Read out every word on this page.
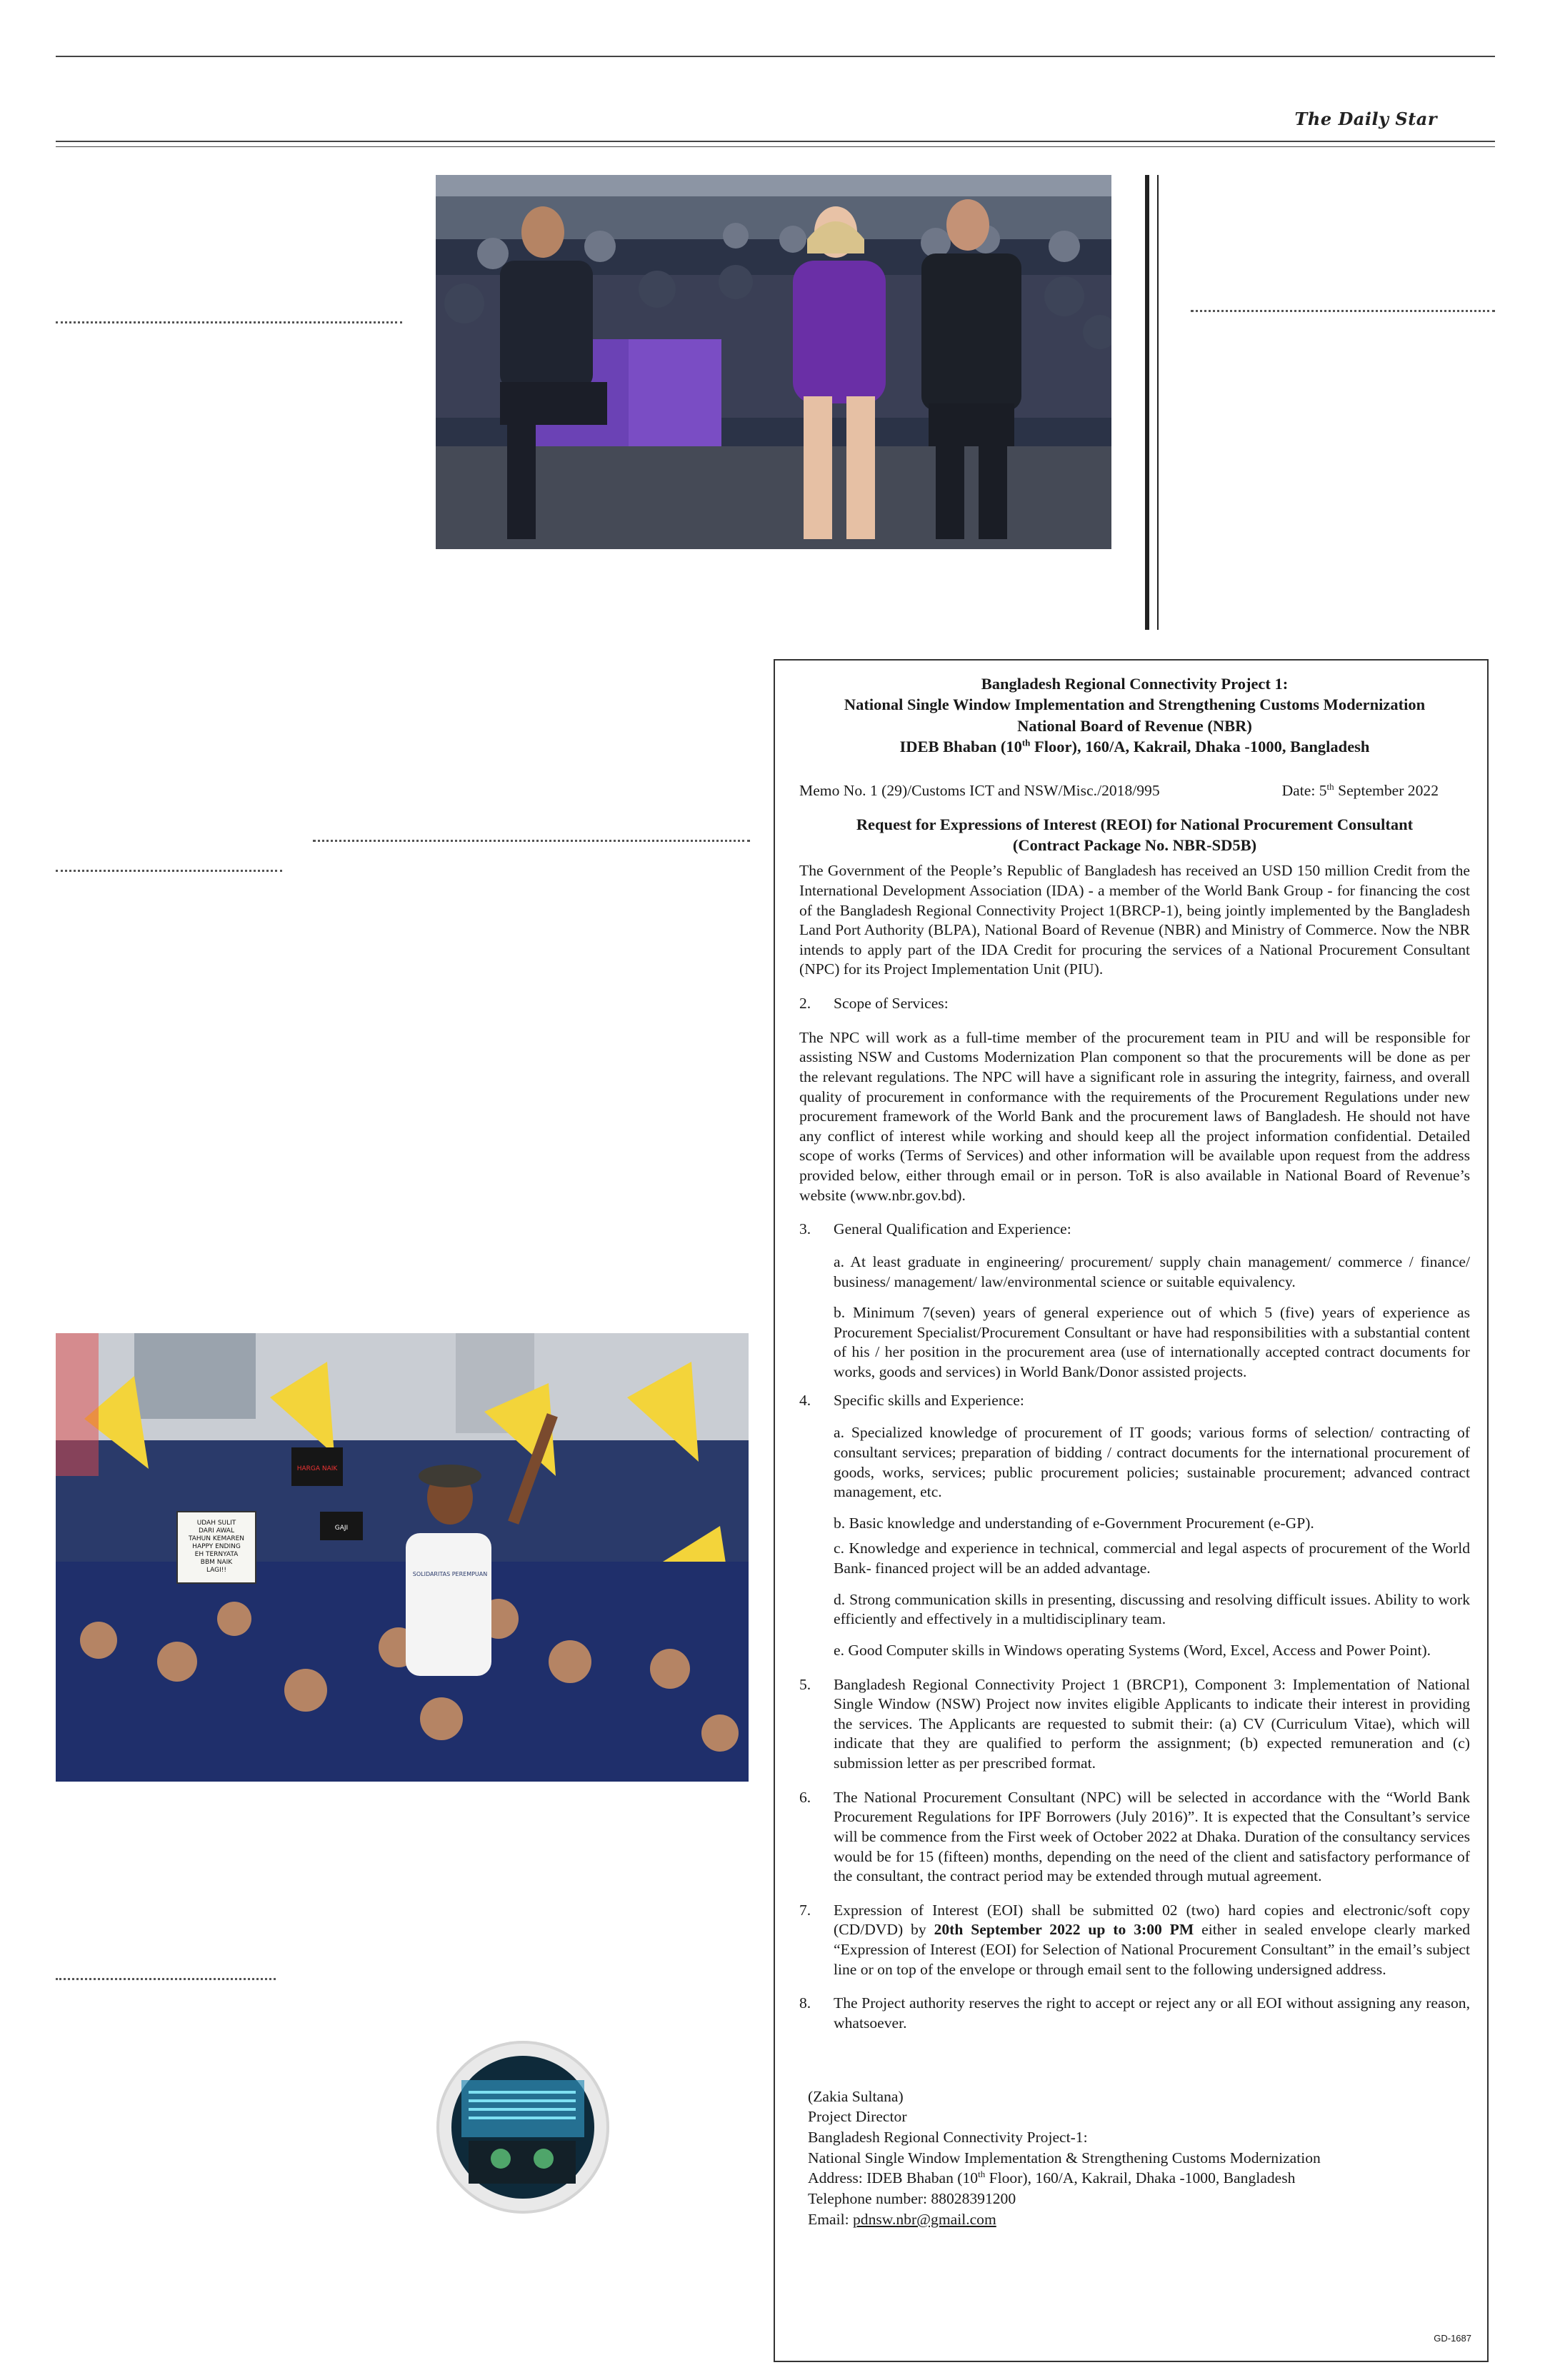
The Daily Star
UDAH SULIT DARI AWAL TAHUN KEMAREN HAPPY ENDING EH TERNYATA BBM NAIK LAGI!!
HARGA NAIK
GAJI
SOLIDARITAS PEREMPUAN
Bangladesh Regional Connectivity Project 1:
National Single Window Implementation and Strengthening Customs Modernization
National Board of Revenue (NBR)
IDEB Bhaban (10th Floor), 160/A, Kakrail, Dhaka -1000, Bangladesh
Memo No. 1 (29)/Customs ICT and NSW/Misc./2018/995	Date: 5th September 2022
Request for Expressions of Interest (REOI) for National Procurement Consultant
(Contract Package No. NBR-SD5B)

The Government of the People’s Republic of Bangladesh has received an USD 150 million Credit from the International Development Association (IDA) - a member of the World Bank Group - for financing the cost of the Bangladesh Regional Connectivity Project 1(BRCP-1), being jointly implemented by the Bangladesh Land Port Authority (BLPA), National Board of Revenue (NBR) and Ministry of Commerce. Now the NBR intends to apply part of the IDA Credit for procuring the services of a National Procurement Consultant (NPC) for its Project Implementation Unit (PIU).

2.	Scope of Services:

The NPC will work as a full-time member of the procurement team in PIU and will be responsible for assisting NSW and Customs Modernization Plan component so that the procurements will be done as per the relevant regulations. The NPC will have a significant role in assuring the integrity, fairness, and overall quality of procurement in conformance with the requirements of the Procurement Regulations under new procurement framework of the World Bank and the procurement laws of Bangladesh. He should not have any conflict of interest while working and should keep all the project information confidential. Detailed scope of works (Terms of Services) and other information will be available upon request from the address provided below, either through email or in person. ToR is also available in National Board of Revenue’s website (www.nbr.gov.bd).

3.	General Qualification and Experience:

a. At least graduate in engineering/ procurement/ supply chain management/ commerce / finance/ business/ management/ law/environmental science or suitable equivalency.

b. Minimum 7(seven) years of general experience out of which 5 (five) years of experience as Procurement Specialist/Procurement Consultant or have had responsibilities with a substantial content of his / her position in the procurement area (use of internationally accepted contract documents for works, goods and services) in World Bank/Donor assisted projects.

4.	Specific skills and Experience:

a. Specialized knowledge of procurement of IT goods; various forms of selection/ contracting of consultant services; preparation of bidding / contract documents for the international procurement of goods, works, services; public procurement policies; sustainable procurement; advanced contract management, etc.

b. Basic knowledge and understanding of e-Government Procurement (e-GP).

c. Knowledge and experience in technical, commercial and legal aspects of procurement of the World Bank- financed project will be an added advantage.

d. Strong communication skills in presenting, discussing and resolving difficult issues. Ability to work efficiently and effectively in a multidisciplinary team.

e. Good Computer skills in Windows operating Systems (Word, Excel, Access and Power Point).

5.	Bangladesh Regional Connectivity Project 1 (BRCP1), Component 3: Implementation of National Single Window (NSW) Project now invites eligible Applicants to indicate their interest in providing the services. The Applicants are requested to submit their: (a) CV (Curriculum Vitae), which will indicate that they are qualified to perform the assignment; (b) expected remuneration and (c) submission letter as per prescribed format.

6.	The National Procurement Consultant (NPC) will be selected in accordance with the “World Bank Procurement Regulations for IPF Borrowers (July 2016)”. It is expected that the Consultant’s service will be commence from the First week of October 2022 at Dhaka. Duration of the consultancy services would be for 15 (fifteen) months, depending on the need of the client and satisfactory performance of the consultant, the contract period may be extended through mutual agreement.

7.	Expression of Interest (EOI) shall be submitted 02 (two) hard copies and electronic/soft copy (CD/DVD) by 20th September 2022 up to 3:00 PM either in sealed envelope clearly marked “Expression of Interest (EOI) for Selection of National Procurement Consultant” in the email’s subject line or on top of the envelope or through email sent to the following undersigned address.

8.	The Project authority reserves the right to accept or reject any or all EOI without assigning any reason, whatsoever.

(Zakia Sultana)
Project Director
Bangladesh Regional Connectivity Project-1:
National Single Window Implementation & Strengthening Customs Modernization
Address: IDEB Bhaban (10th Floor), 160/A, Kakrail, Dhaka -1000, Bangladesh
Telephone number: 88028391200
Email: pdnsw.nbr@gmail.com
GD-1687
